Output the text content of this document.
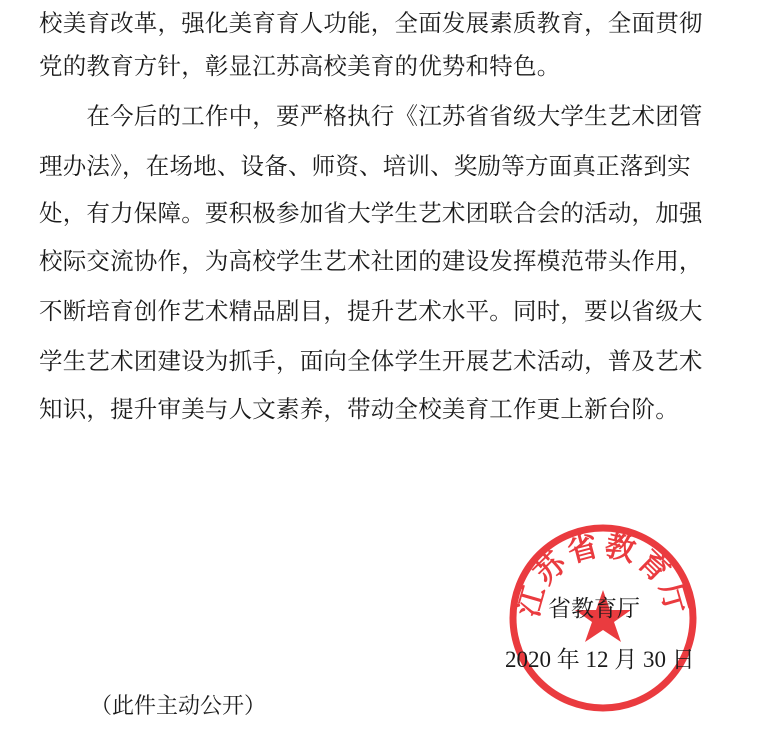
校美育改革，强化美育育人功能，全面发展素质教育，全面贯彻
党的教育方针，彰显江苏高校美育的优势和特色。
　　在今后的工作中，要严格执行《江苏省省级大学生艺术团管
理办法》，在场地、设备、师资、培训、奖励等方面真正落到实
处，有力保障。要积极参加省大学生艺术团联合会的活动，加强
校际交流协作，为高校学生艺术社团的建设发挥模范带头作用，
不断培育创作艺术精品剧目，提升艺术水平。同时，要以省级大
学生艺术团建设为抓手，面向全体学生开展艺术活动，普及艺术
知识，提升审美与人文素养，带动全校美育工作更上新台阶。
江苏省教育厅
省教育厅
2020 年 12 月 30 日
（此件主动公开）
